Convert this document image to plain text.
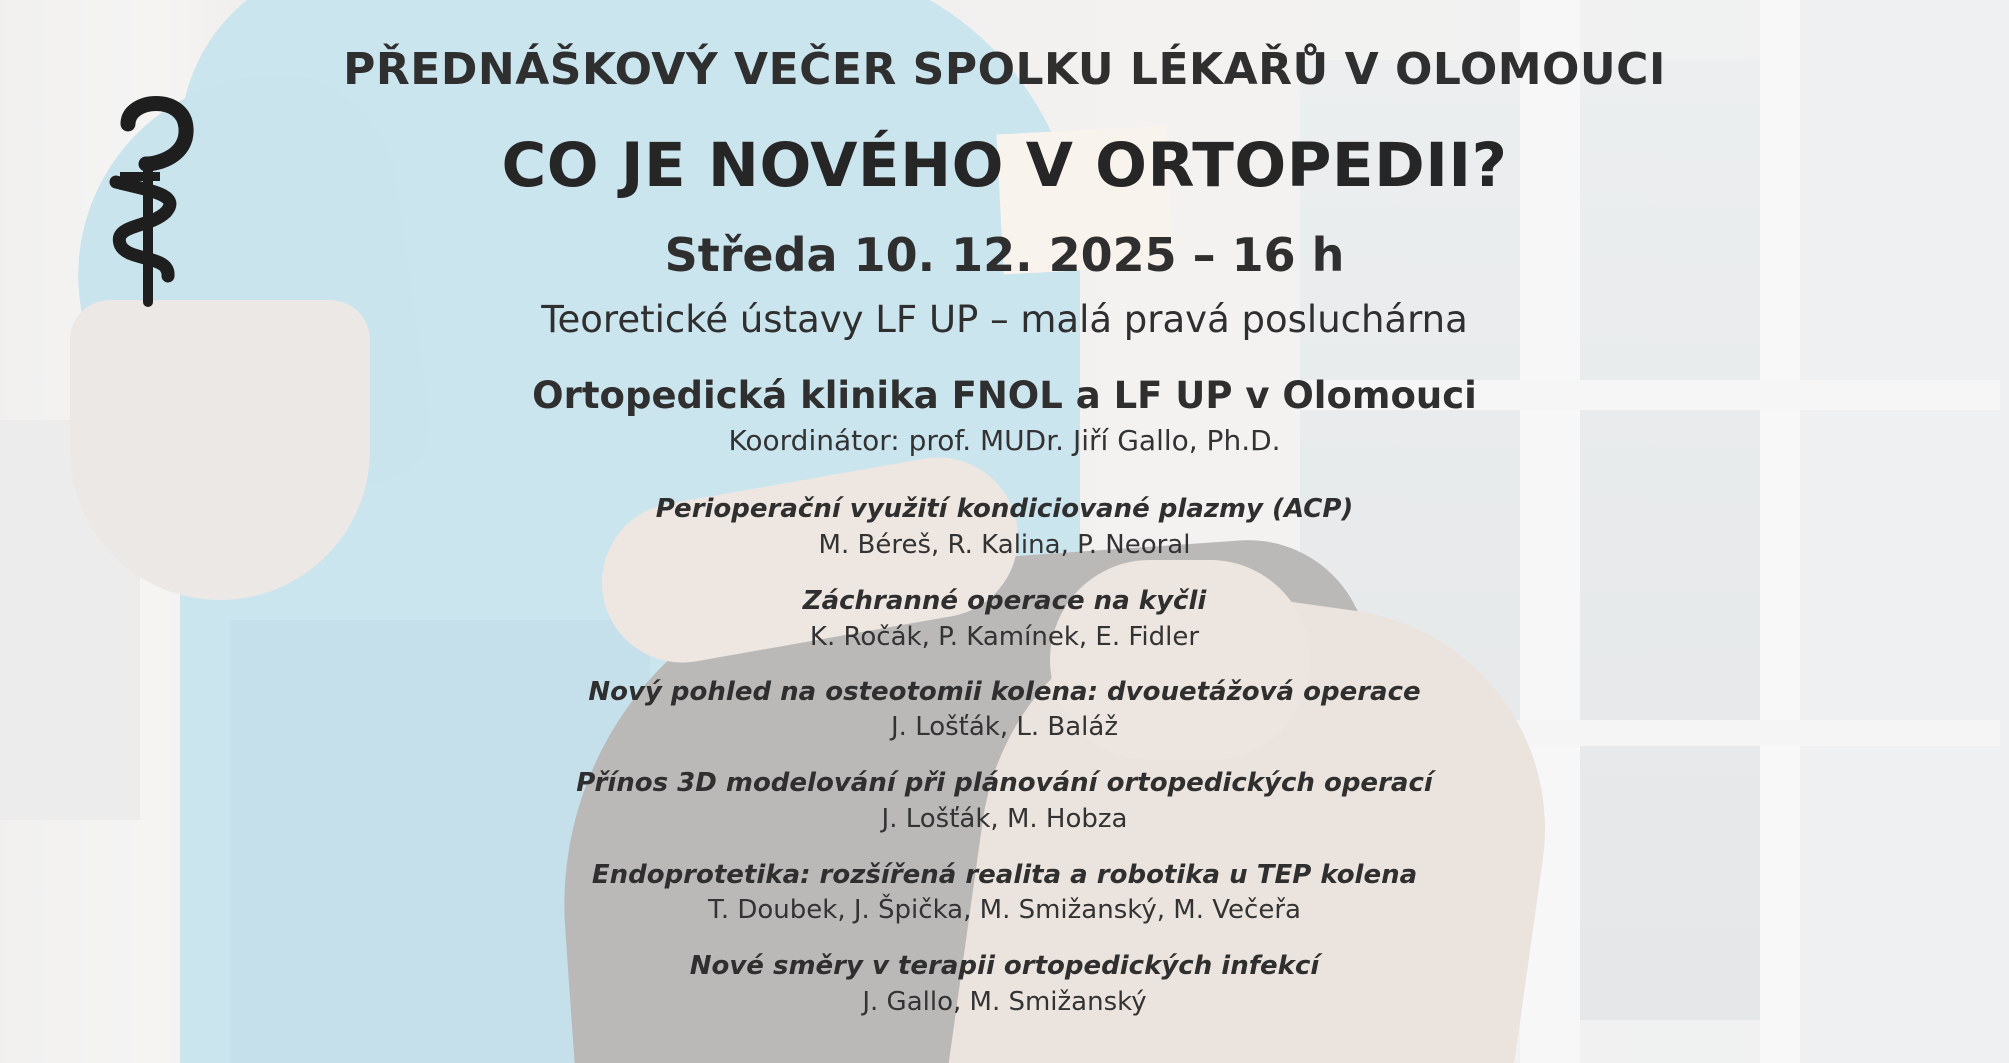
PŘEDNÁŠKOVÝ VEČER SPOLKU LÉKAŘŮ V OLOMOUCI
CO JE NOVÉHO V ORTOPEDII?
Středa 10. 12. 2025 – 16 h
Teoretické ústavy LF UP – malá pravá posluchárna
Ortopedická klinika FNOL a LF UP v Olomouci
Koordinátor: prof. MUDr. Jiří Gallo, Ph.D.
Perioperační využití kondiciované plazmy (ACP)
M. Béreš, R. Kalina, P. Neoral
Záchranné operace na kyčli
K. Ročák, P. Kamínek, E. Fidler
Nový pohled na osteotomii kolena: dvouetážová operace
J. Lošťák, L. Baláž
Přínos 3D modelování při plánování ortopedických operací
J. Lošťák, M. Hobza
Endoprotetika: rozšířená realita a robotika u TEP kolena
T. Doubek, J. Špička, M. Smižanský, M. Večeřa
Nové směry v terapii ortopedických infekcí
J. Gallo, M. Smižanský
